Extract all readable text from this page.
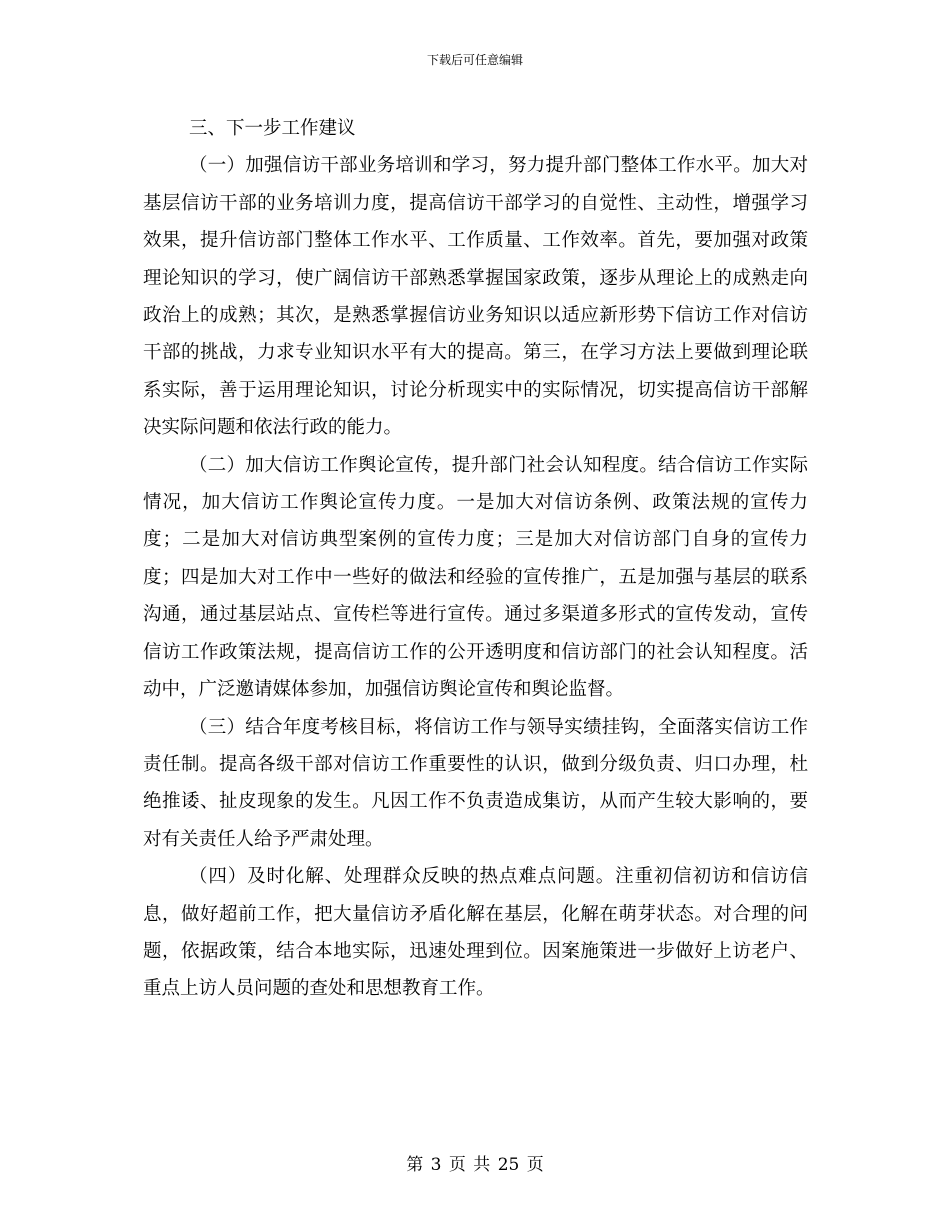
下载后可任意编辑

三、下一步工作建议

（一）加强信访干部业务培训和学习，努力提升部门整体工作水平。加大对基层信访干部的业务培训力度，提高信访干部学习的自觉性、主动性，增强学习效果，提升信访部门整体工作水平、工作质量、工作效率。首先，要加强对政策理论知识的学习，使广阔信访干部熟悉掌握国家政策，逐步从理论上的成熟走向政治上的成熟；其次，是熟悉掌握信访业务知识以适应新形势下信访工作对信访干部的挑战，力求专业知识水平有大的提高。第三，在学习方法上要做到理论联系实际，善于运用理论知识，讨论分析现实中的实际情况，切实提高信访干部解决实际问题和依法行政的能力。

（二）加大信访工作舆论宣传，提升部门社会认知程度。结合信访工作实际情况，加大信访工作舆论宣传力度。一是加大对信访条例、政策法规的宣传力度；二是加大对信访典型案例的宣传力度；三是加大对信访部门自身的宣传力度；四是加大对工作中一些好的做法和经验的宣传推广，五是加强与基层的联系沟通，通过基层站点、宣传栏等进行宣传。通过多渠道多形式的宣传发动，宣传信访工作政策法规，提高信访工作的公开透明度和信访部门的社会认知程度。活动中，广泛邀请媒体参加，加强信访舆论宣传和舆论监督。

（三）结合年度考核目标，将信访工作与领导实绩挂钩，全面落实信访工作责任制。提高各级干部对信访工作重要性的认识，做到分级负责、归口办理，杜绝推诿、扯皮现象的发生。凡因工作不负责造成集访，从而产生较大影响的，要对有关责任人给予严肃处理。

（四）及时化解、处理群众反映的热点难点问题。注重初信初访和信访信息，做好超前工作，把大量信访矛盾化解在基层，化解在萌芽状态。对合理的问题，依据政策，结合本地实际，迅速处理到位。因案施策进一步做好上访老户、重点上访人员问题的查处和思想教育工作。

第 3 页 共 25 页
